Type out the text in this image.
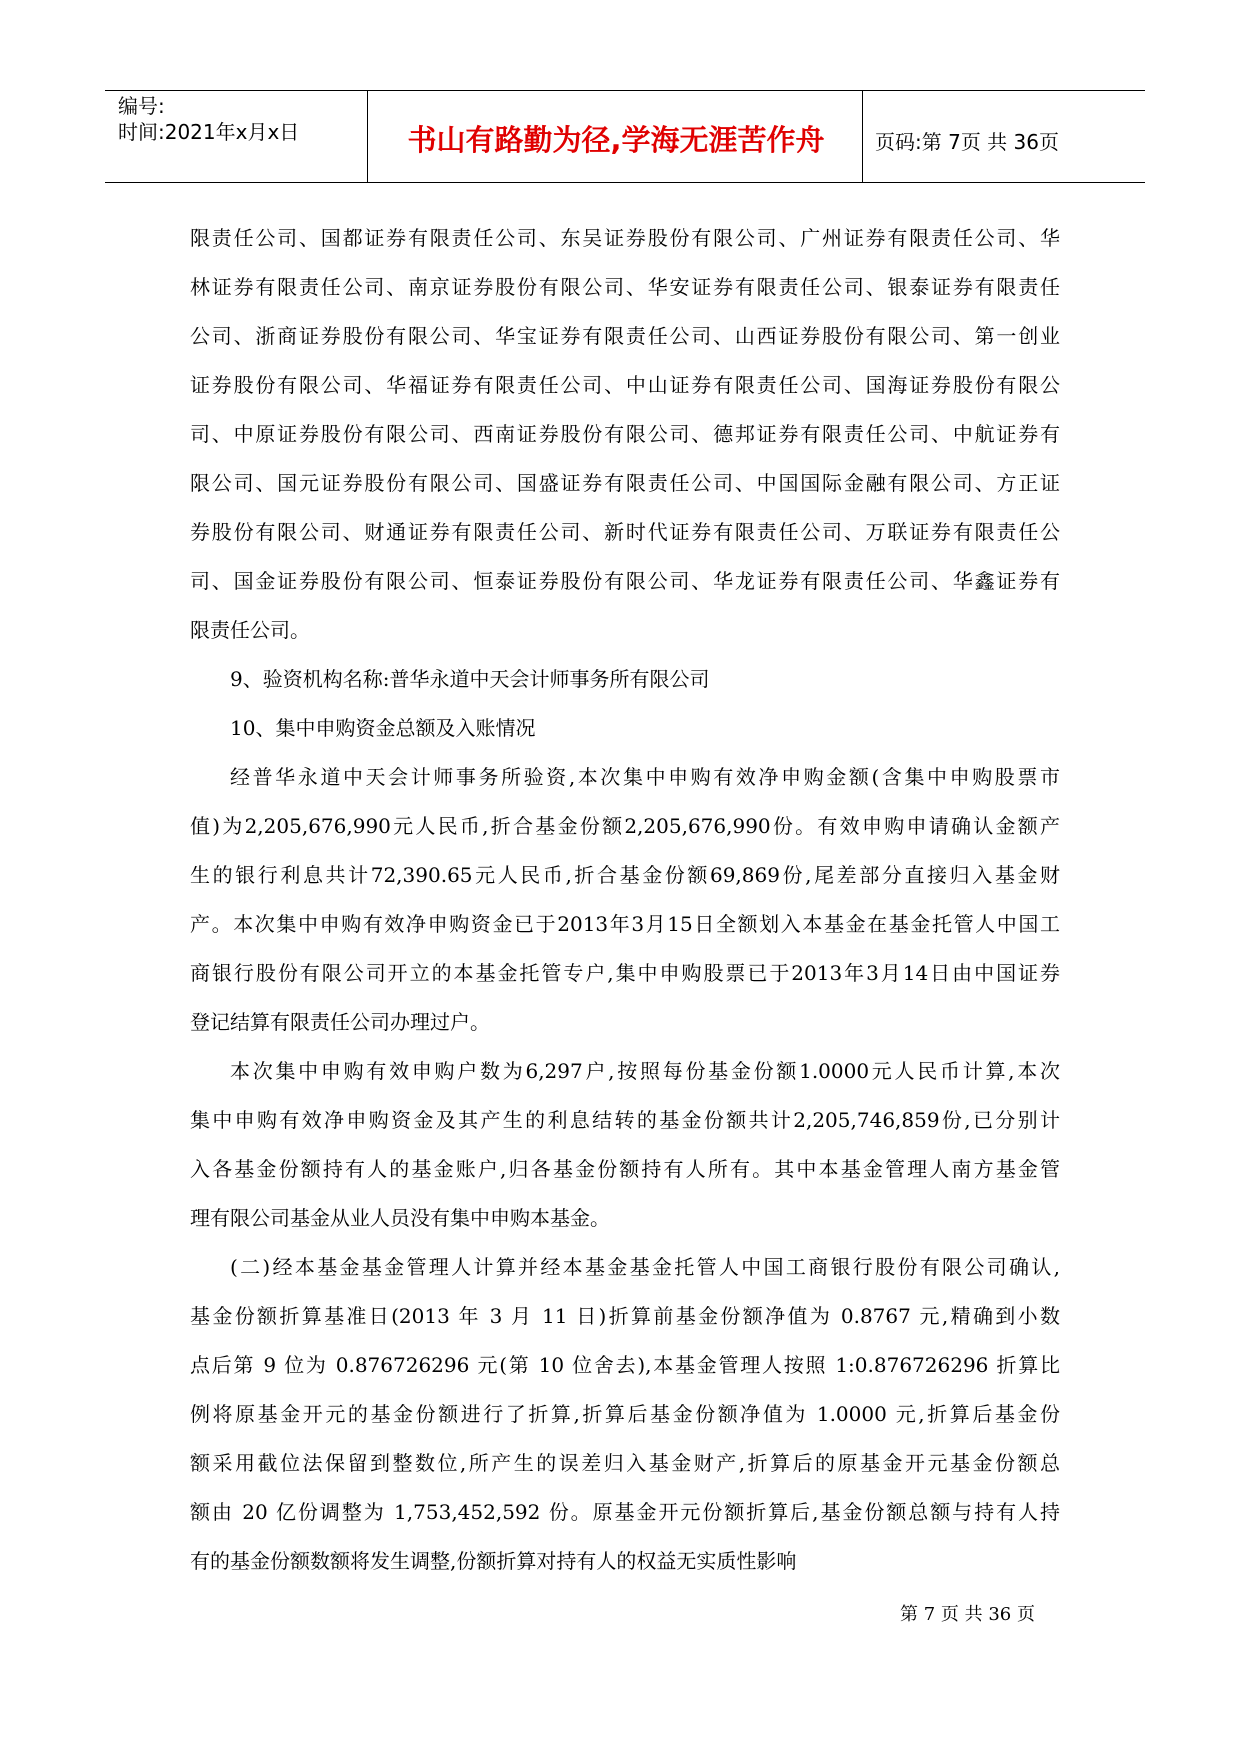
编号:
时间:2021年x月x日	书山有路勤为径,学海无涯苦作舟	页码:第 7页 共 36页
限责任公司、国都证券有限责任公司、东吴证券股份有限公司、广州证券有限责任公司、华
林证券有限责任公司、南京证券股份有限公司、华安证券有限责任公司、银泰证券有限责任
公司、浙商证券股份有限公司、华宝证券有限责任公司、山西证券股份有限公司、第一创业
证券股份有限公司、华福证券有限责任公司、中山证券有限责任公司、国海证券股份有限公
司、中原证券股份有限公司、西南证券股份有限公司、德邦证券有限责任公司、中航证券有
限公司、国元证券股份有限公司、国盛证券有限责任公司、中国国际金融有限公司、方正证
券股份有限公司、财通证券有限责任公司、新时代证券有限责任公司、万联证券有限责任公
司、国金证券股份有限公司、恒泰证券股份有限公司、华龙证券有限责任公司、华鑫证券有
限责任公司。
9、验资机构名称:普华永道中天会计师事务所有限公司
10、集中申购资金总额及入账情况
经普华永道中天会计师事务所验资,本次集中申购有效净申购金额(含集中申购股票市
值)为2,205,676,990元人民币,折合基金份额2,205,676,990份。有效申购申请确认金额产
生的银行利息共计72,390.65元人民币,折合基金份额69,869份,尾差部分直接归入基金财
产。本次集中申购有效净申购资金已于2013年3月15日全额划入本基金在基金托管人中国工
商银行股份有限公司开立的本基金托管专户,集中申购股票已于2013年3月14日由中国证券
登记结算有限责任公司办理过户。
本次集中申购有效申购户数为6,297户,按照每份基金份额1.0000元人民币计算,本次
集中申购有效净申购资金及其产生的利息结转的基金份额共计2,205,746,859份,已分别计
入各基金份额持有人的基金账户,归各基金份额持有人所有。其中本基金管理人南方基金管
理有限公司基金从业人员没有集中申购本基金。
(二)经本基金基金管理人计算并经本基金基金托管人中国工商银行股份有限公司确认,
基金份额折算基准日(2013 年 3 月 11 日)折算前基金份额净值为 0.8767 元,精确到小数
点后第 9 位为 0.876726296 元(第 10 位舍去),本基金管理人按照 1:0.876726296 折算比
例将原基金开元的基金份额进行了折算,折算后基金份额净值为 1.0000 元,折算后基金份
额采用截位法保留到整数位,所产生的误差归入基金财产,折算后的原基金开元基金份额总
额由 20 亿份调整为 1,753,452,592 份。原基金开元份额折算后,基金份额总额与持有人持
有的基金份额数额将发生调整,份额折算对持有人的权益无实质性影响
第 7 页 共 36 页
